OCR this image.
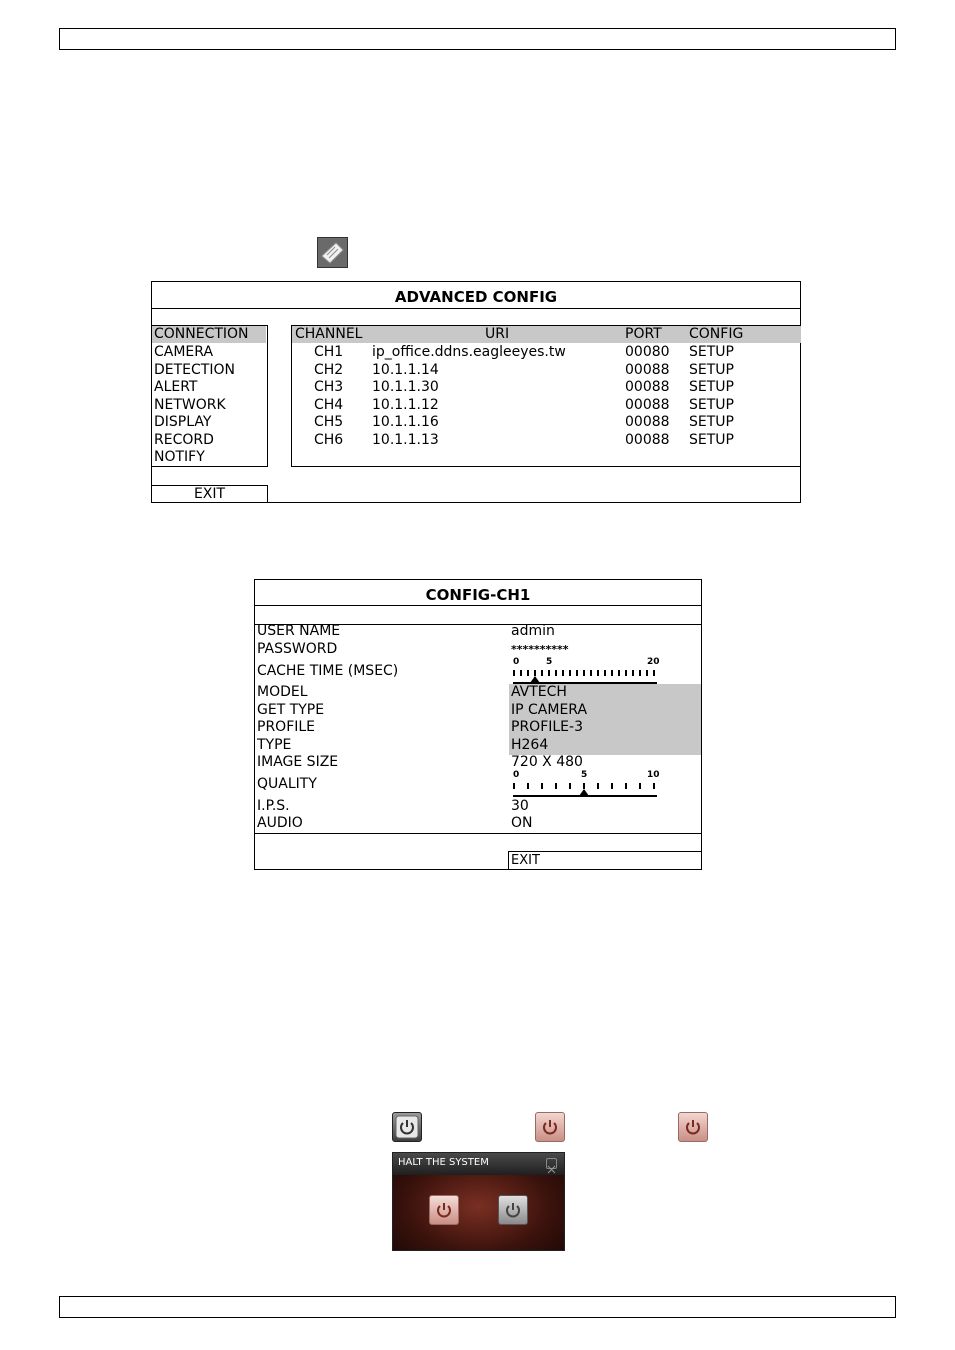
ADVANCED CONFIG
CONNECTION
CAMERA
DETECTION
ALERT
NETWORK
DISPLAY
RECORD
NOTIFY
CHANNEL	URI	PORT CONFIG
CH1 ip_office.ddns.eagleeyes.tw	00080 SETUP
CH2 10.1.1.14	00088 SETUP
CH3 10.1.1.30	00088 SETUP
CH4 10.1.1.12	00088 SETUP
CH5 10.1.1.16	00088 SETUP
CH6 10.1.1.13	00088 SETUP
EXIT
CONFIG-CH1
USER NAME	admin
PASSWORD	**********
CACHE TIME (MSEC)
0	5	20
MODEL	AVTECH
GET TYPE	IP CAMERA
PROFILE	PROFILE-3
TYPE	H264
IMAGE SIZE	720 X 480
QUALITY
0	5	10
I.P.S.	30
AUDIO	ON
EXIT
HALT THE SYSTEM
